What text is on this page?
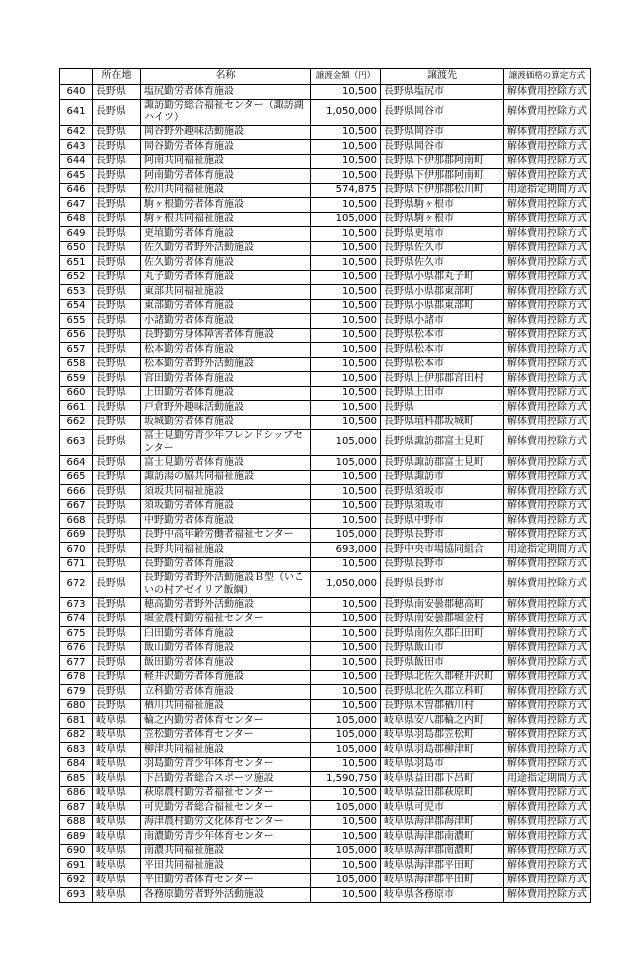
	所在地	名称	譲渡金額（円）	譲渡先	譲渡価格の算定方式
640	長野県	塩尻勤労者体育施設	10,500	長野県塩尻市	解体費用控除方式
641	長野県	諏訪勤労総合福祉センター（諏訪湖ハイツ）	1,050,000	長野県岡谷市	解体費用控除方式
642	長野県	岡谷野外趣味活動施設	10,500	長野県岡谷市	解体費用控除方式
643	長野県	岡谷勤労者体育施設	10,500	長野県岡谷市	解体費用控除方式
644	長野県	阿南共同福祉施設	10,500	長野県下伊那郡阿南町	解体費用控除方式
645	長野県	阿南勤労者体育施設	10,500	長野県下伊那郡阿南町	解体費用控除方式
646	長野県	松川共同福祉施設	574,875	長野県下伊那郡松川町	用途指定期間方式
647	長野県	駒ヶ根勤労者体育施設	10,500	長野県駒ヶ根市	解体費用控除方式
648	長野県	駒ヶ根共同福祉施設	105,000	長野県駒ヶ根市	解体費用控除方式
649	長野県	更埴勤労者体育施設	10,500	長野県更埴市	解体費用控除方式
650	長野県	佐久勤労者野外活動施設	10,500	長野県佐久市	解体費用控除方式
651	長野県	佐久勤労者体育施設	10,500	長野県佐久市	解体費用控除方式
652	長野県	丸子勤労者体育施設	10,500	長野県小県郡丸子町	解体費用控除方式
653	長野県	東部共同福祉施設	10,500	長野県小県郡東部町	解体費用控除方式
654	長野県	東部勤労者体育施設	10,500	長野県小県郡東部町	解体費用控除方式
655	長野県	小諸勤労者体育施設	10,500	長野県小諸市	解体費用控除方式
656	長野県	長野勤労身体障害者体育施設	10,500	長野県松本市	解体費用控除方式
657	長野県	松本勤労者体育施設	10,500	長野県松本市	解体費用控除方式
658	長野県	松本勤労者野外活動施設	10,500	長野県松本市	解体費用控除方式
659	長野県	宮田勤労者体育施設	10,500	長野県上伊那郡宮田村	解体費用控除方式
660	長野県	上田勤労者体育施設	10,500	長野県上田市	解体費用控除方式
661	長野県	戸倉野外趣味活動施設	10,500	長野県	解体費用控除方式
662	長野県	坂城勤労者体育施設	10,500	長野県埴科郡坂城町	解体費用控除方式
663	長野県	富士見勤労青少年フレンドシップセンター	105,000	長野県諏訪郡富士見町	解体費用控除方式
664	長野県	富士見勤労者体育施設	105,000	長野県諏訪郡富士見町	解体費用控除方式
665	長野県	諏訪湯の脇共同福祉施設	10,500	長野県諏訪市	解体費用控除方式
666	長野県	須坂共同福祉施設	10,500	長野県須坂市	解体費用控除方式
667	長野県	須坂勤労者体育施設	10,500	長野県須坂市	解体費用控除方式
668	長野県	中野勤労者体育施設	10,500	長野県中野市	解体費用控除方式
669	長野県	長野中高年齢労働者福祉センター	105,000	長野県長野市	解体費用控除方式
670	長野県	長野共同福祉施設	693,000	長野中央市場協同組合	用途指定期間方式
671	長野県	長野勤労者体育施設	10,500	長野県長野市	解体費用控除方式
672	長野県	長野勤労者野外活動施設Ｂ型（いこいの村アゼイリア飯綱）	1,050,000	長野県長野市	解体費用控除方式
673	長野県	穂高勤労者野外活動施設	10,500	長野県南安曇郡穂高町	解体費用控除方式
674	長野県	堀金農村勤労福祉センター	10,500	長野県南安曇郡堀金村	解体費用控除方式
675	長野県	臼田勤労者体育施設	10,500	長野県南佐久郡臼田町	解体費用控除方式
676	長野県	飯山勤労者体育施設	10,500	長野県飯山市	解体費用控除方式
677	長野県	飯田勤労者体育施設	10,500	長野県飯田市	解体費用控除方式
678	長野県	軽井沢勤労者体育施設	10,500	長野県北佐久郡軽井沢町	解体費用控除方式
679	長野県	立科勤労者体育施設	10,500	長野県北佐久郡立科町	解体費用控除方式
680	長野県	楢川共同福祉施設	10,500	長野県木曽郡楢川村	解体費用控除方式
681	岐阜県	輪之内勤労者体育センター	105,000	岐阜県安八郡輪之内町	解体費用控除方式
682	岐阜県	笠松勤労者体育センター	105,000	岐阜県羽島郡笠松町	解体費用控除方式
683	岐阜県	柳津共同福祉施設	105,000	岐阜県羽島郡柳津町	解体費用控除方式
684	岐阜県	羽島勤労青少年体育センター	10,500	岐阜県羽島市	解体費用控除方式
685	岐阜県	下呂勤労者総合スポーツ施設	1,590,750	岐阜県益田郡下呂町	用途指定期間方式
686	岐阜県	萩原農村勤労者福祉センター	10,500	岐阜県益田郡萩原町	解体費用控除方式
687	岐阜県	可児勤労者総合福祉センター	105,000	岐阜県可児市	解体費用控除方式
688	岐阜県	海津農村勤労文化体育センター	10,500	岐阜県海津郡海津町	解体費用控除方式
689	岐阜県	南濃勤労青少年体育センター	10,500	岐阜県海津郡南濃町	解体費用控除方式
690	岐阜県	南濃共同福祉施設	105,000	岐阜県海津郡南濃町	解体費用控除方式
691	岐阜県	平田共同福祉施設	10,500	岐阜県海津郡平田町	解体費用控除方式
692	岐阜県	平田勤労者体育センター	105,000	岐阜県海津郡平田町	解体費用控除方式
693	岐阜県	各務原勤労者野外活動施設	10,500	岐阜県各務原市	解体費用控除方式
